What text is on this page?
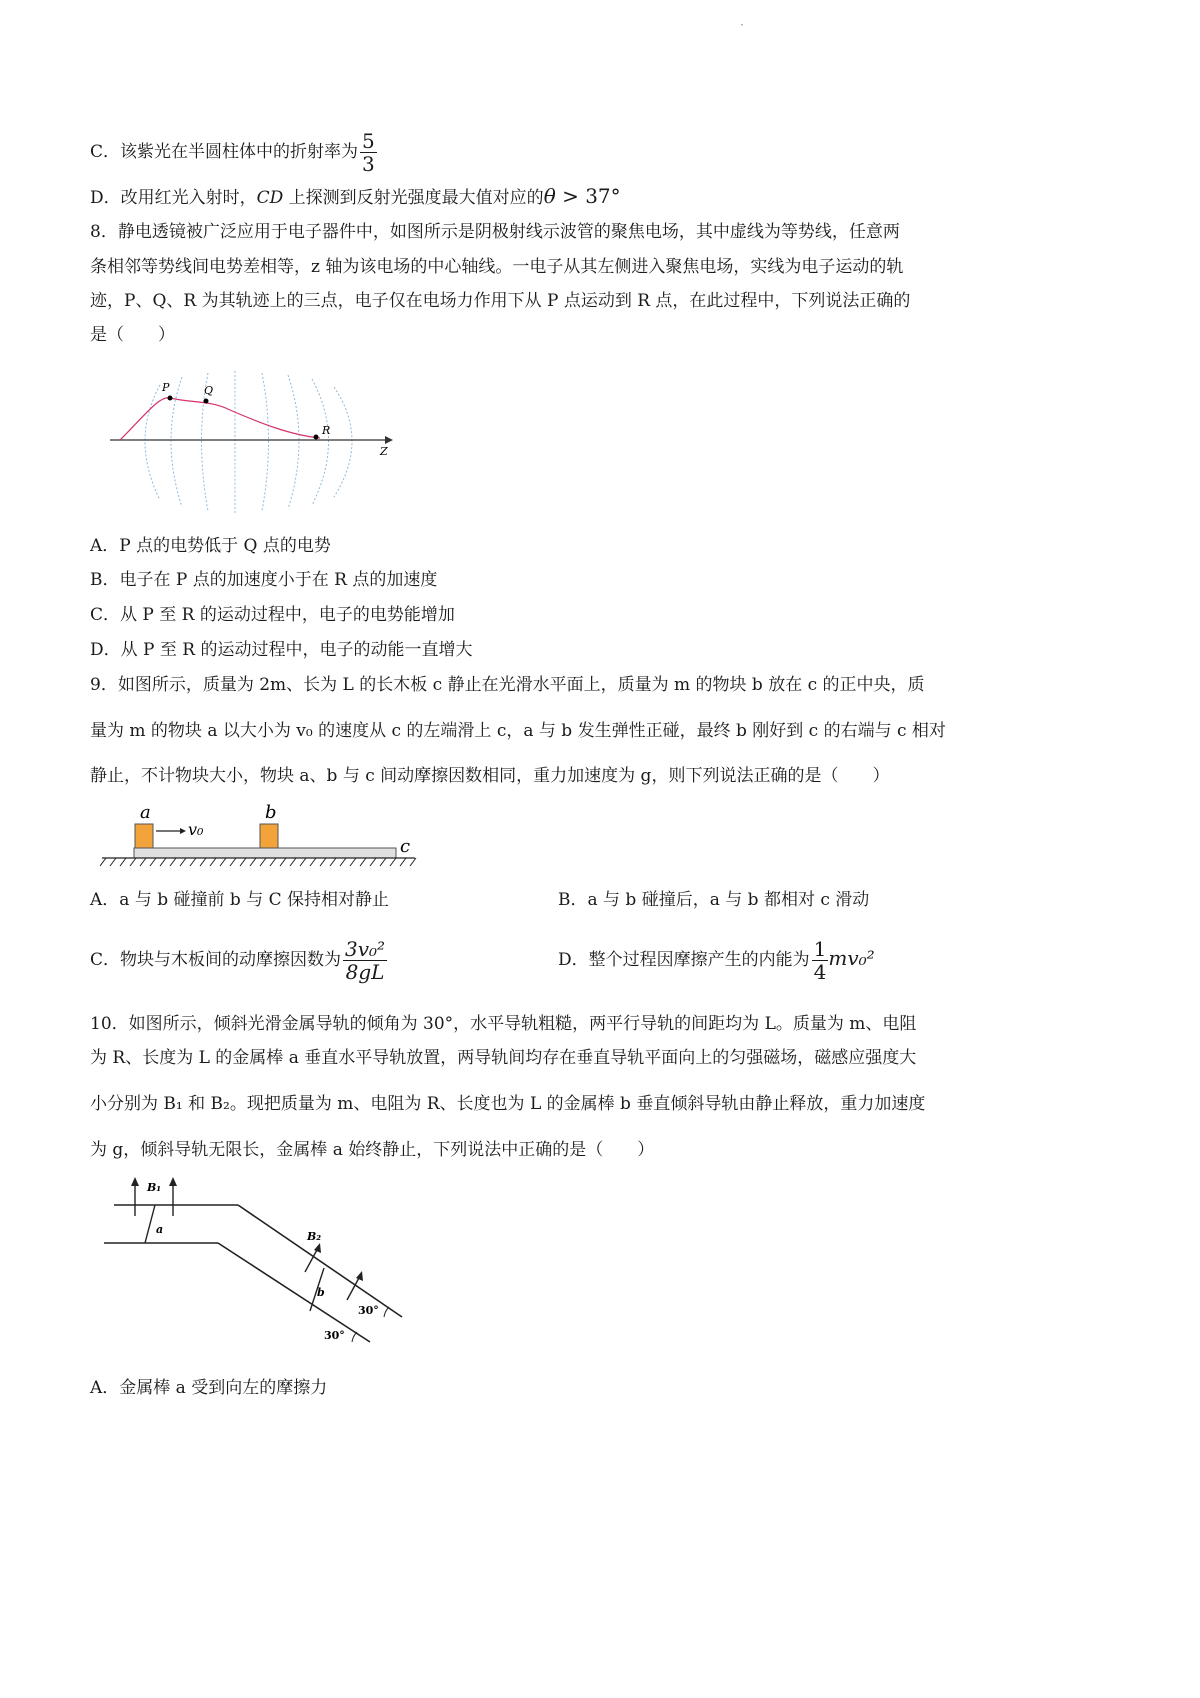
·
C．该紫光在半圆柱体中的折射率为 $\frac{5}{3}$
D．改用红光入射时，CD 上探测到反射光强度最大值对应的θ > 37°
8．静电透镜被广泛应用于电子器件中，如图所示是阴极射线示波管的聚焦电场，其中虚线为等势线，任意两
条相邻等势线间电势差相等，z 轴为该电场的中心轴线。一电子从其左侧进入聚焦电场，实线为电子运动的轨
迹，P、Q、R 为其轨迹上的三点，电子仅在电场力作用下从 P 点运动到 R 点，在此过程中，下列说法正确的
是（　　）
P	Q
R
Z
A．P 点的电势低于 Q 点的电势
B．电子在 P 点的加速度小于在 R 点的加速度
C．从 P 至 R 的运动过程中，电子的电势能增加
D．从 P 至 R 的运动过程中，电子的动能一直增大
9．如图所示，质量为 2m、长为 L 的长木板 c 静止在光滑水平面上，质量为 m 的物块 b 放在 c 的正中央，质
量为 m 的物块 a 以大小为 v₀ 的速度从 c 的左端滑上 c，a 与 b 发生弹性正碰，最终 b 刚好到 c 的右端与 c 相对
静止，不计物块大小，物块 a、b 与 c 间动摩擦因数相同，重力加速度为 g，则下列说法正确的是（　　）
a	b
v₀
c
A．a 与 b 碰撞前 b 与 C 保持相对静止	B．a 与 b 碰撞后，a 与 b 都相对 c 滑动
C．物块与木板间的动摩擦因数为 $\frac{\text{3v₀²}}{8gL}$	D．整个过程因摩擦产生的内能为 $\frac{1}{4} mv_0^2$
10．如图所示，倾斜光滑金属导轨的倾角为 30°，水平导轨粗糙，两平行导轨的间距均为 L。质量为 m、电阻
为 R、长度为 L 的金属棒 a 垂直水平导轨放置，两导轨间均存在垂直导轨平面向上的匀强磁场，磁感应强度大
小分别为 B₁ 和 B₂。现把质量为 m、电阻为 R、长度也为 L 的金属棒 b 垂直倾斜导轨由静止释放，重力加速度
为 g，倾斜导轨无限长，金属棒 a 始终静止，下列说法中正确的是（　　）
B₁
a
B₂
b
30°
30°
A．金属棒 a 受到向左的摩擦力
